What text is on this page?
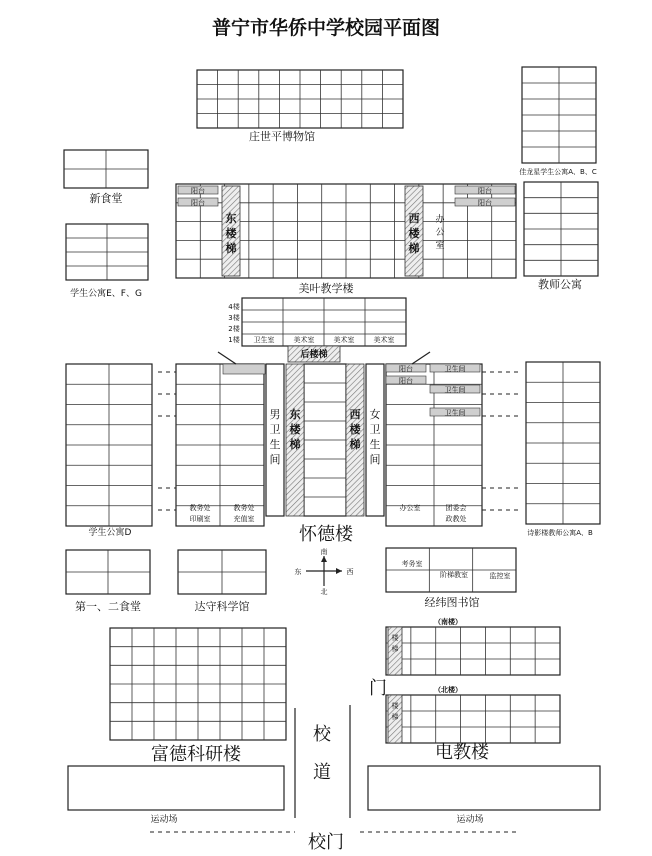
普宁市华侨中学校园平面图
南
北
东	西
庄世平博物馆
新食堂
佳龙星学生公寓A、B、C
学生公寓E、F、G	美叶教学楼	教师公寓
学生公寓D	怀德楼	诗影楼教师公寓A、B
第一、二食堂	达守科学馆	经纬图书馆
富德科研楼	电教楼
运动场	运动场
校门
校道
阳台
阳台
阳台
阳台
东楼梯
西楼梯
办公室
4楼
3楼
2楼
1楼 卫生室	美术室	美术室	美术室
后楼梯
阳台
阳台
卫生间
卫生间
卫生间
男卫生间
女卫生间
东楼梯
西楼梯
教务处	教务处
印刷室	充值室
办公室	团委会
政教处
考务室
阶梯教室	监控室
（南楼）
（北楼）
楼梯
楼梯
门
